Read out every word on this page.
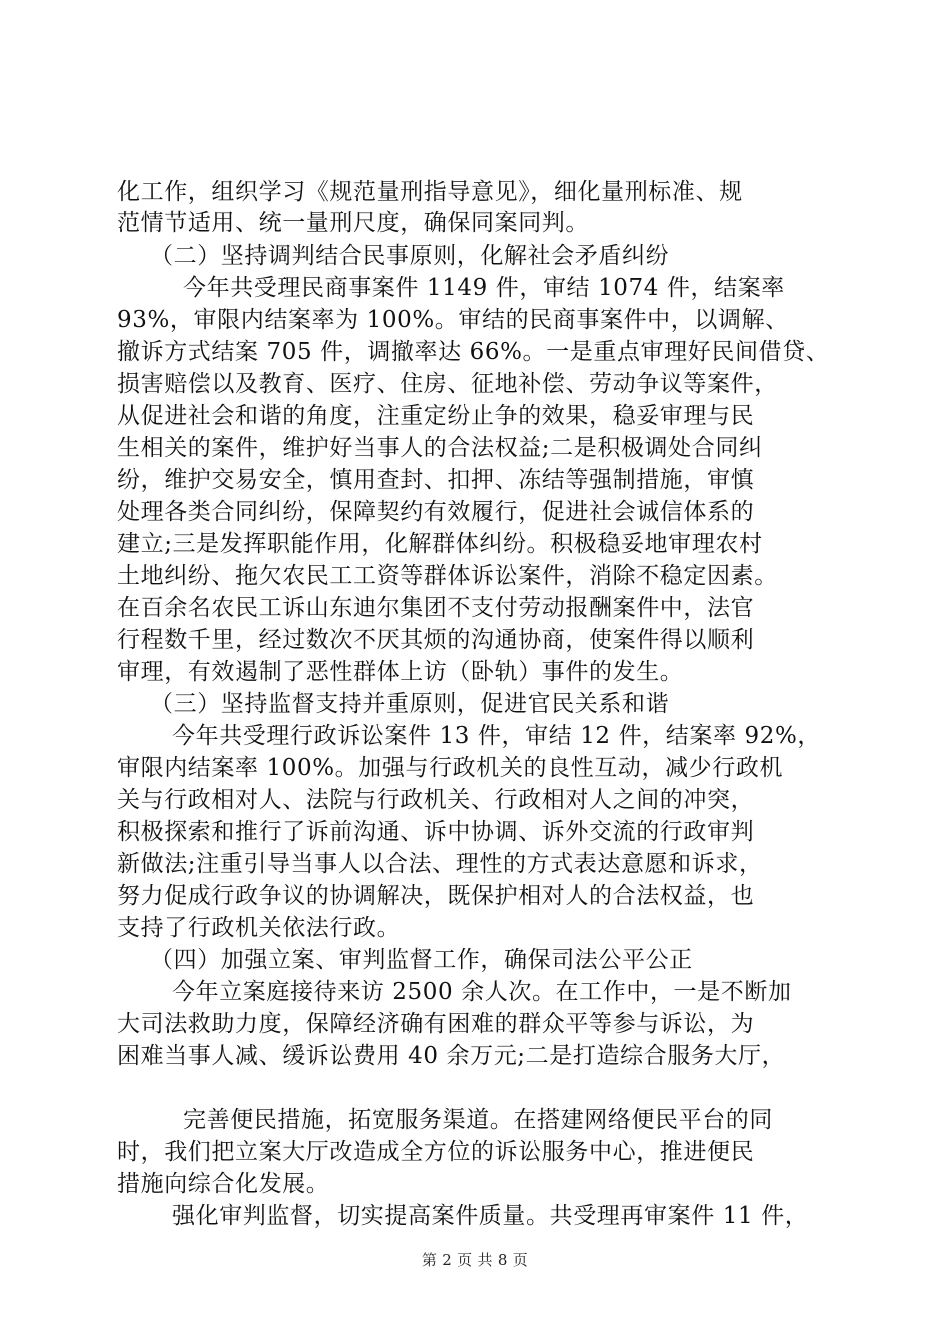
化工作，组织学习《规范量刑指导意见》，细化量刑标准、规
范情节适用、统一量刑尺度，确保同案同判。
（二）坚持调判结合民事原则，化解社会矛盾纠纷
今年共受理民商事案件 1149 件，审结 1074 件，结案率
93%，审限内结案率为 100%。审结的民商事案件中，以调解、
撤诉方式结案 705 件，调撤率达 66%。一是重点审理好民间借贷、
损害赔偿以及教育、医疗、住房、征地补偿、劳动争议等案件，
从促进社会和谐的角度，注重定纷止争的效果，稳妥审理与民
生相关的案件，维护好当事人的合法权益;二是积极调处合同纠
纷，维护交易安全，慎用查封、扣押、冻结等强制措施，审慎
处理各类合同纠纷，保障契约有效履行，促进社会诚信体系的
建立;三是发挥职能作用，化解群体纠纷。积极稳妥地审理农村
土地纠纷、拖欠农民工工资等群体诉讼案件，消除不稳定因素。
在百余名农民工诉山东迪尔集团不支付劳动报酬案件中，法官
行程数千里，经过数次不厌其烦的沟通协商，使案件得以顺利
审理，有效遏制了恶性群体上访（卧轨）事件的发生。
（三）坚持监督支持并重原则，促进官民关系和谐
今年共受理行政诉讼案件 13 件，审结 12 件，结案率 92%，
审限内结案率 100%。加强与行政机关的良性互动，减少行政机
关与行政相对人、法院与行政机关、行政相对人之间的冲突，
积极探索和推行了诉前沟通、诉中协调、诉外交流的行政审判
新做法;注重引导当事人以合法、理性的方式表达意愿和诉求，
努力促成行政争议的协调解决，既保护相对人的合法权益，也
支持了行政机关依法行政。
（四）加强立案、审判监督工作，确保司法公平公正
今年立案庭接待来访 2500 余人次。在工作中，一是不断加
大司法救助力度，保障经济确有困难的群众平等参与诉讼，为
困难当事人减、缓诉讼费用 40 余万元;二是打造综合服务大厅，
完善便民措施，拓宽服务渠道。在搭建网络便民平台的同
时，我们把立案大厅改造成全方位的诉讼服务中心，推进便民
措施向综合化发展。
强化审判监督，切实提高案件质量。共受理再审案件 11 件，
第 2 页 共 8 页
